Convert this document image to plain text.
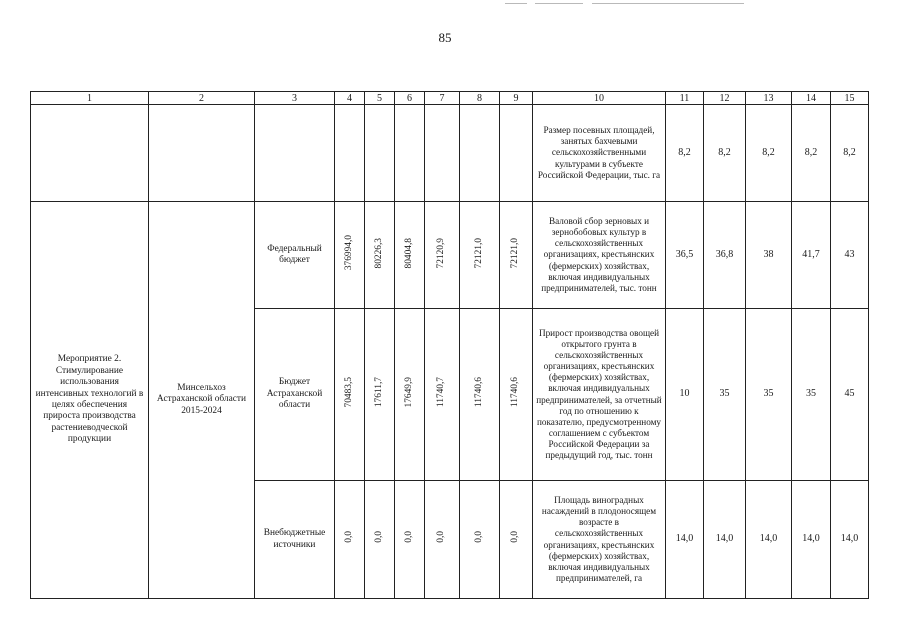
85
1	2	3	4	5	6	7	8	9	10	11	12	13	14	15
									Размер посевных площадей, занятых бахчевыми сельскохозяйственными культурами в субъекте Российской Федерации, тыс. га	8,2	8,2	8,2	8,2	8,2
Мероприятие 2. Стимулирование использования интенсивных технологий в целях обеспечения прироста производства растениеводческой продукции	Минсельхоз Астраханской области 2015-2024	Федеральный бюджет	376994,0	80226,3	80404,8	72120,9	72121,0	72121,0	Валовой сбор зерновых и зернобобовых культур в сельскохозяйственных организациях, крестьянских (фермерских) хозяйствах, включая индивидуальных предпринимателей, тыс. тонн	36,5	36,8	38	41,7	43
		Бюджет Астраханской области	70483,5	17611,7	17649,9	11740,7	11740,6	11740,6	Прирост производства овощей открытого грунта в сельскохозяйственных организациях, крестьянских (фермерских) хозяйствах, включая индивидуальных предпринимателей, за отчетный год по отношению к показателю, предусмотренному соглашением с субъектом Российской Федерации за предыдущий год, тыс. тонн	10	35	35	35	45
		Внебюджетные источники	0,0	0,0	0,0	0,0	0,0	0,0	Площадь виноградных насаждений в плодоносящем возрасте в сельскохозяйственных организациях, крестьянских (фермерских) хозяйствах, включая индивидуальных предпринимателей, га	14,0	14,0	14,0	14,0	14,0
